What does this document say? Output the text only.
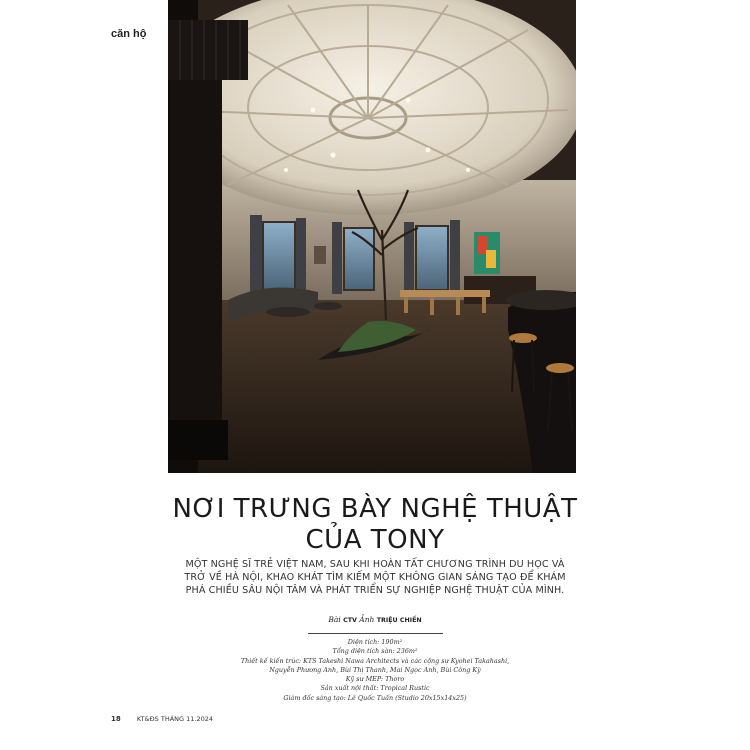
căn hộ
NƠI TRƯNG BÀY NGHỆ THUẬT
CỦA TONY
MỘT NGHỆ SĨ TRẺ VIỆT NAM, SAU KHI HOÀN TẤT CHƯƠNG TRÌNH DU HỌC VÀ
TRỞ VỀ HÀ NỘI, KHAO KHÁT TÌM KIẾM MỘT KHÔNG GIAN SÁNG TẠO ĐỂ KHÁM
PHÁ CHIỀU SÂU NỘI TÂM VÀ PHÁT TRIỂN SỰ NGHIỆP NGHỆ THUẬT CỦA MÌNH.
Bài CTV Ảnh TRIỆU CHIẾN
Diện tích: 190m²
Tổng diện tích sàn: 236m²
Thiết kế kiến trúc: KTS Takeshi Nawa Architects và các cộng sự Kyohei Takahashi,
Nguyễn Phương Anh, Bùi Thị Thanh, Mai Ngọc Anh, Bùi Công Kỳ
Kỹ sư MEP: Thoro
Sản xuất nội thất: Tropical Rustic
Giám đốc sáng tạo: Lê Quốc Tuấn (Studio 20x15x14x25)
18 KT&ĐS THÁNG 11.2024
